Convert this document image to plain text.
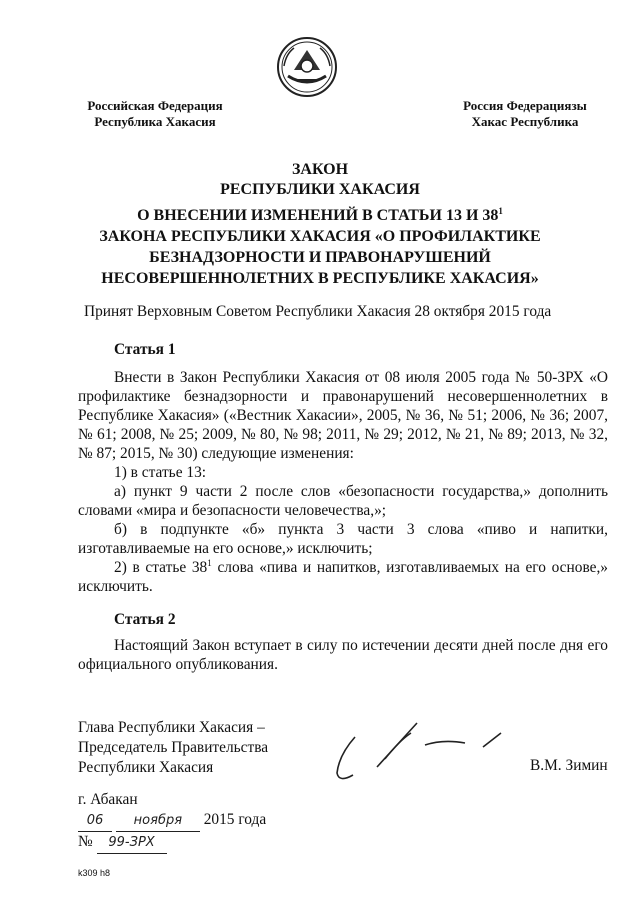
Российская Федерация
Республика Хакасия
Россия Федерациязы
Хакас Республика
ЗАКОН
РЕСПУБЛИКИ ХАКАСИЯ
О ВНЕСЕНИИ ИЗМЕНЕНИЙ В СТАТЬИ 13 И $38^1$
ЗАКОНА РЕСПУБЛИКИ ХАКАСИЯ «О ПРОФИЛАКТИКЕ
БЕЗНАДЗОРНОСТИ И ПРАВОНАРУШЕНИЙ
НЕСОВЕРШЕННОЛЕТНИХ В РЕСПУБЛИКЕ ХАКАСИЯ»
Принят Верховным Советом Республики Хакасия 28 октября 2015 года
Статья 1
Внести в Закон Республики Хакасия от 08 июля 2005 года № 50-ЗРХ «О профилактике безнадзорности и правонарушений несовершеннолетних в Республике Хакасия» («Вестник Хакасии», 2005, № 36, № 51; 2006, № 36; 2007, № 61; 2008, № 25; 2009, № 80, № 98; 2011, № 29; 2012, № 21, № 89; 2013, № 32, № 87; 2015, № 30) следующие изменения:
1) в статье 13:
а) пункт 9 части 2 после слов «безопасности государства,» дополнить словами «мира и безопасности человечества,»;
б) в подпункте «б» пункта 3 части 3 слова «пиво и напитки, изготавливаемые на его основе,» исключить;
2) в статье $38^1$ слова «пива и напитков, изготавливаемых на его основе,» исключить.
Статья 2
Настоящий Закон вступает в силу по истечении десяти дней после дня его официального опубликования.
Глава Республики Хакасия –
Председатель Правительства
Республики Хакасия	В.М. Зимин
г. Абакан
06 ноября 2015 года
№ 99-ЗРХ
k309 h8
